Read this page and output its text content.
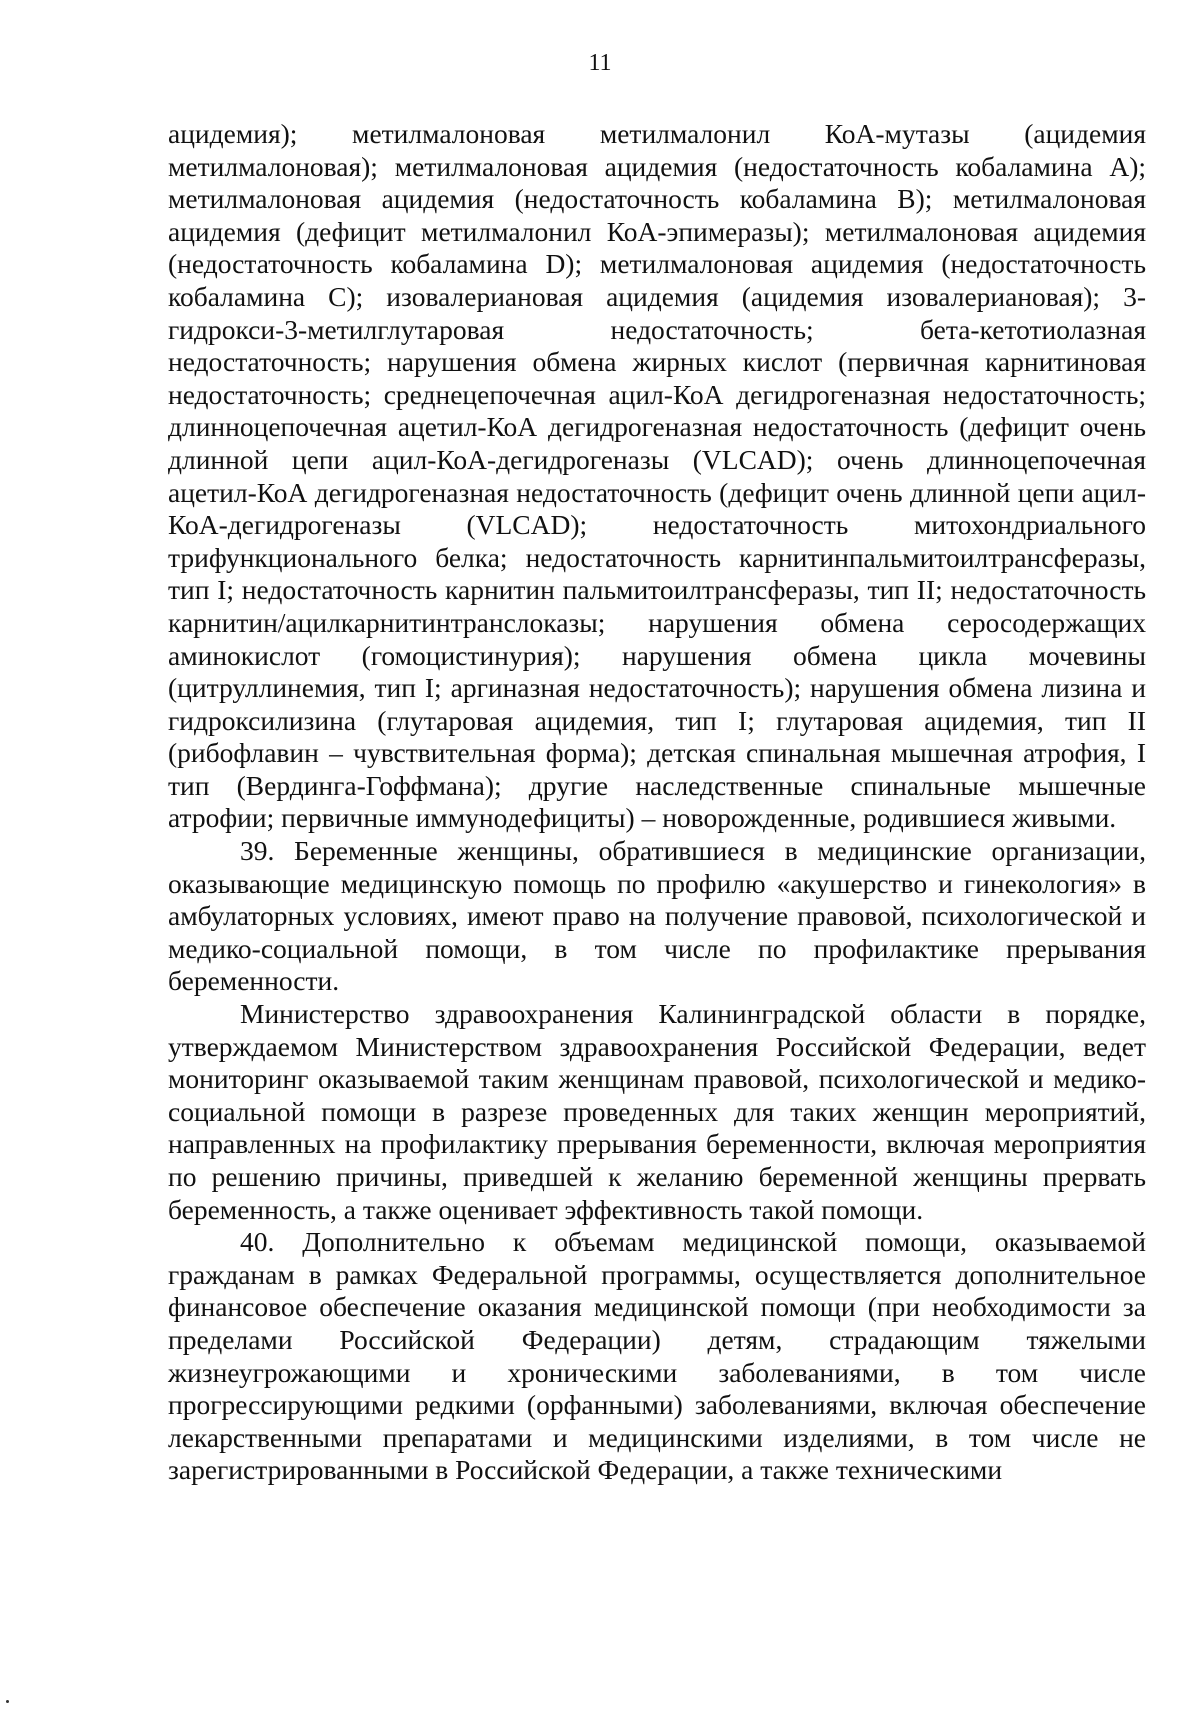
11

ацидемия); метилмалоновая метилмалонил КоА-мутазы (ацидемия метилмалоновая); метилмалоновая ацидемия (недостаточность кобаламина А); метилмалоновая ацидемия (недостаточность кобаламина В); метилмалоновая ацидемия (дефицит метилмалонил КоА-эпимеразы); метилмалоновая ацидемия (недостаточность кобаламина D); метилмалоновая ацидемия (недостаточность кобаламина С); изовалериановая ацидемия (ацидемия изовалериановая); 3-гидрокси-3-метилглутаровая недостаточность; бета-кетотиолазная недостаточность; нарушения обмена жирных кислот (первичная карнитиновая недостаточность; среднецепочечная ацил-КоА дегидрогеназная недостаточность; длинноцепочечная ацетил-КоА дегидрогеназная недостаточность (дефицит очень длинной цепи ацил-КоА-дегидрогеназы (VLCAD); очень длинноцепочечная ацетил-КоА дегидрогеназная недостаточность (дефицит очень длинной цепи ацил-КоА-дегидрогеназы (VLCAD); недостаточность митохондриального трифункционального белка; недостаточность карнитинпальмитоилтрансферазы, тип I; недостаточность карнитин пальмитоилтрансферазы, тип II; недостаточность карнитин/ацилкарнитинтранслоказы; нарушения обмена серосодержащих аминокислот (гомоцистинурия); нарушения обмена цикла мочевины (цитруллинемия, тип I; аргиназная недостаточность); нарушения обмена лизина и гидроксилизина (глутаровая ацидемия, тип I; глутаровая ацидемия, тип II (рибофлавин – чувствительная форма); детская спинальная мышечная атрофия, I тип (Вердинга-Гоффмана); другие наследственные спинальные мышечные атрофии; первичные иммунодефициты) – новорожденные, родившиеся живыми.

39. Беременные женщины, обратившиеся в медицинские организации, оказывающие медицинскую помощь по профилю «акушерство и гинекология» в амбулаторных условиях, имеют право на получение правовой, психологической и медико-социальной помощи, в том числе по профилактике прерывания беременности.

Министерство здравоохранения Калининградской области в порядке, утверждаемом Министерством здравоохранения Российской Федерации, ведет мониторинг оказываемой таким женщинам правовой, психологической и медико-социальной помощи в разрезе проведенных для таких женщин мероприятий, направленных на профилактику прерывания беременности, включая мероприятия по решению причины, приведшей к желанию беременной женщины прервать беременность, а также оценивает эффективность такой помощи.

40. Дополнительно к объемам медицинской помощи, оказываемой гражданам в рамках Федеральной программы, осуществляется дополнительное финансовое обеспечение оказания медицинской помощи (при необходимости за пределами Российской Федерации) детям, страдающим тяжелыми жизнеугрожающими и хроническими заболеваниями, в том числе прогрессирующими редкими (орфанными) заболеваниями, включая обеспечение лекарственными препаратами и медицинскими изделиями, в том числе не зарегистрированными в Российской Федерации, а также техническими
